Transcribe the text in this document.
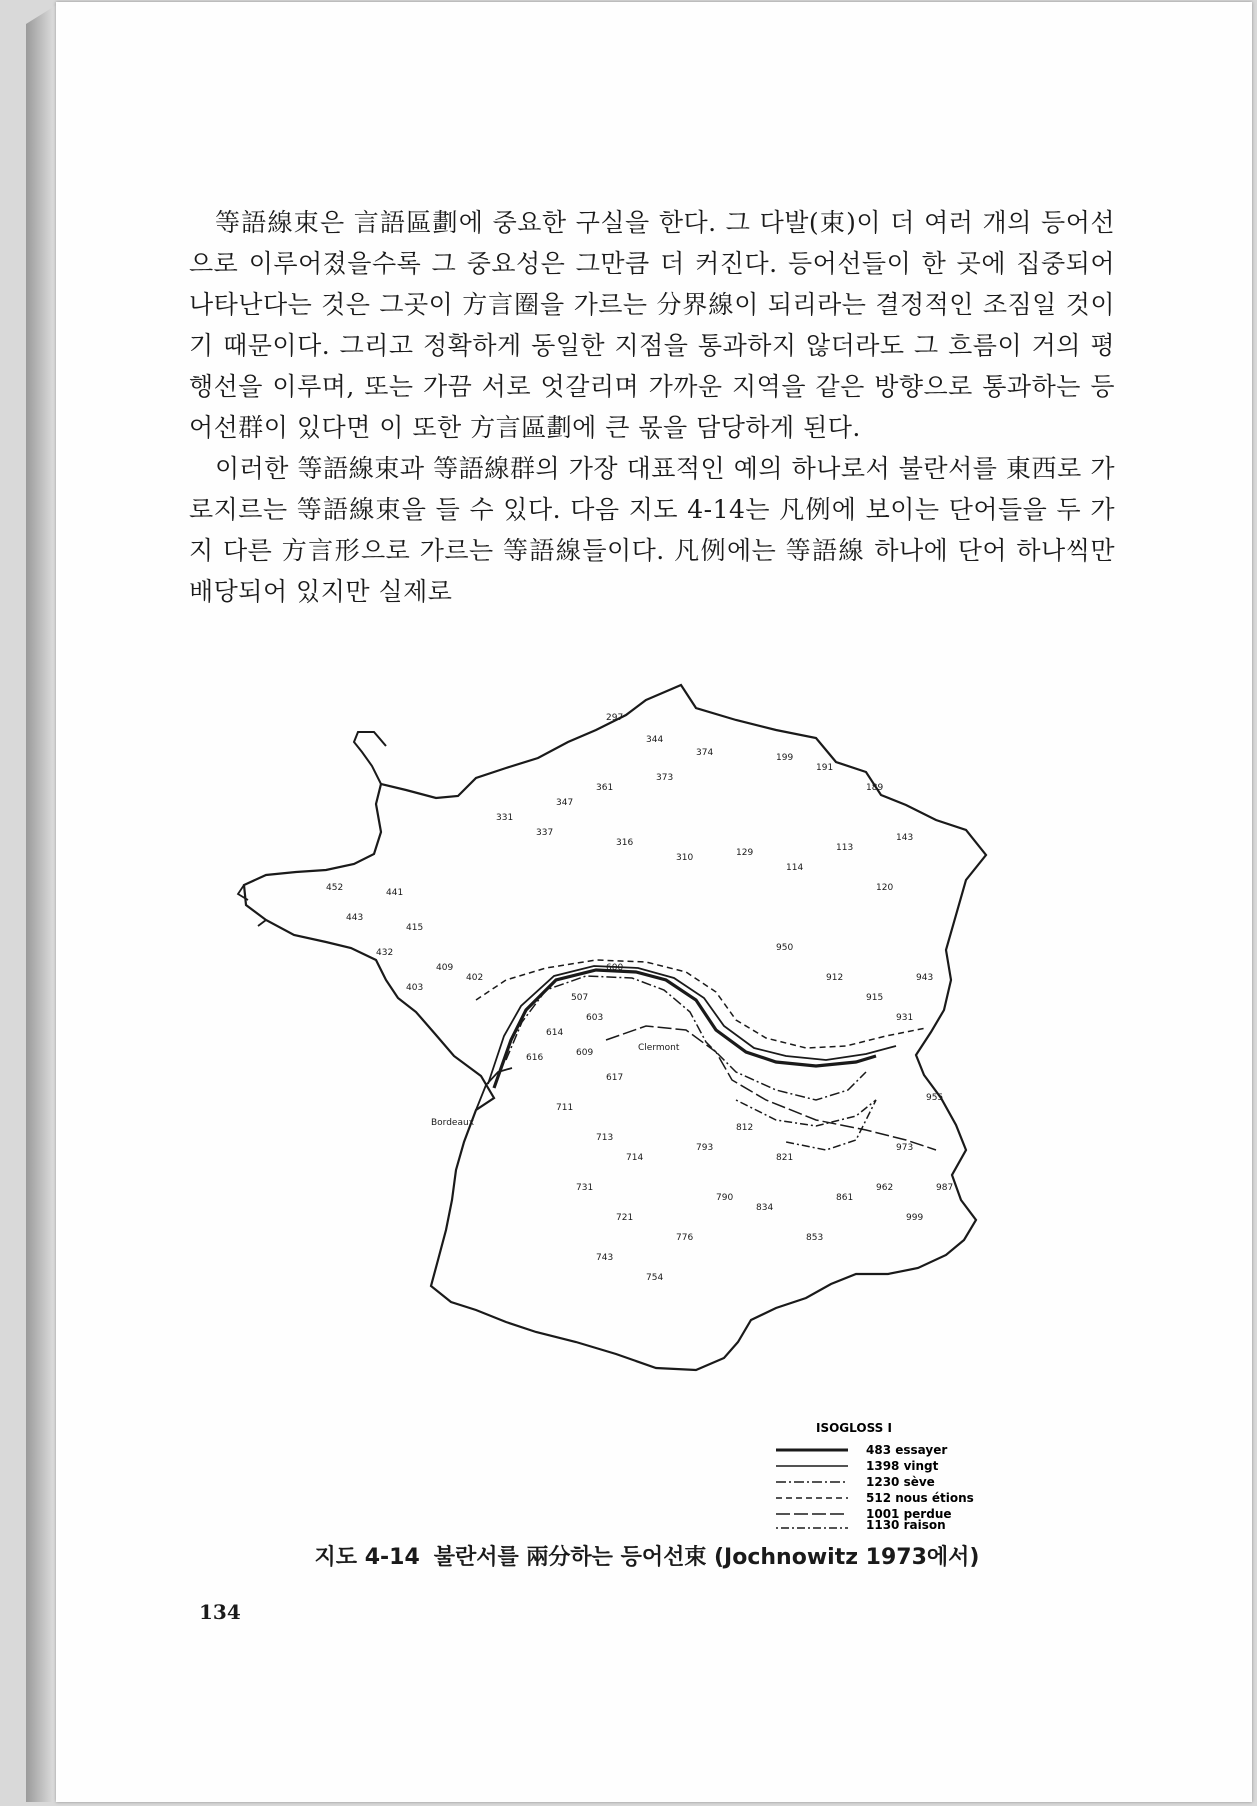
等語線束은 言語區劃에 중요한 구실을 한다. 그 다발(束)이 더 여러 개의 등어선으로 이루어졌을수록 그 중요성은 그만큼 더 커진다. 등어선들이 한 곳에 집중되어 나타난다는 것은 그곳이 方言圈을 가르는 分界線이 되리라는 결정적인 조짐일 것이기 때문이다. 그리고 정확하게 동일한 지점을 통과하지 않더라도 그 흐름이 거의 평행선을 이루며, 또는 가끔 서로 엇갈리며 가까운 지역을 같은 방향으로 통과하는 등어선群이 있다면 이 또한 方言區劃에 큰 몫을 담당하게 된다.

이러한 等語線束과 等語線群의 가장 대표적인 예의 하나로서 불란서를 東西로 가로지르는 等語線束을 들 수 있다. 다음 지도 4-14는 凡例에 보이는 단어들을 두 가지 다른 方言形으로 가르는 等語線들이다. 凡例에는 等語線 하나에 단어 하나씩만 배당되어 있지만 실제로

297
344
374	199
191
189
373
361
347
331
337
316
310	129
114
113
143
120
452	441
443
415
432
409
403
402
507
600
603
614
616	609
617
711
713
714
731
721
743
754
776
790
793
812
821
834
853
861
912
915
931
943
955
973
962
999
987
950
Clermont
Bordeaux
ISOGLOSS I
483 essayer
1398 vingt
1230 sève
512 nous étions
1001 perdue
1130 raison
지도 4-14 불란서를 兩分하는 등어선束 (Jochnowitz 1973에서)
134
